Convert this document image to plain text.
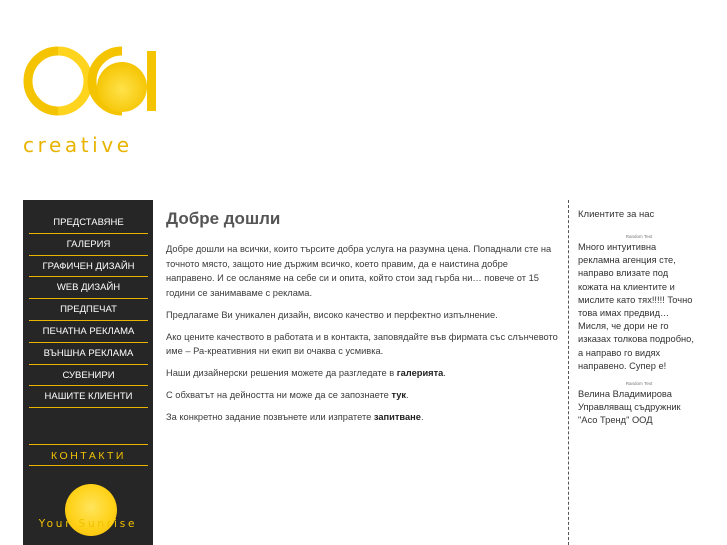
creative
ПРЕДСТАВЯНЕ
ГАЛЕРИЯ
ГРАФИЧЕН ДИЗАЙН
WEB ДИЗАЙН
ПРЕДПЕЧАТ
ПЕЧАТНА РЕКЛАМА
ВЪНШНА РЕКЛАМА
СУВЕНИРИ
НАШИТЕ КЛИЕНТИ
КОНТАКТИ
Your Sunrise
Добре дошли

Добре дошли на всички, които търсите добра услуга на разумна цена. Попаднали сте на точното място, защото ние държим всичко, което правим, да е наистина добре направено. И се осланяме на себе си и опита, който стои зад гърба ни… повече от 15 години се занимаваме с реклама.

Предлагаме Ви уникален дизайн, високо качество и перфектно изпълнение.

Ако цените качеството в работата и в контакта, заповядайте във фирмата със слънчевото име – Ра-креативния ни екип ви очаква с усмивка.

Наши дизайнерски решения можете да разгледате в галерията.

С обхватът на дейността ни може да се запознаете тук.

За конкретно задание позвънете или изпратете запитване.

Клиентите за нас
Random Text
Много интуитивна рекламна агенция сте, направо влизате под кожата на клиентите и мислите като тях!!!!! Точно това имах предвид… Мисля, че дори не го изказах толкова подробно, а направо го видях направено. Супер е!
Random Text
Велина Владимирова
Управляващ съдружник
"Асо Тренд" ООД
